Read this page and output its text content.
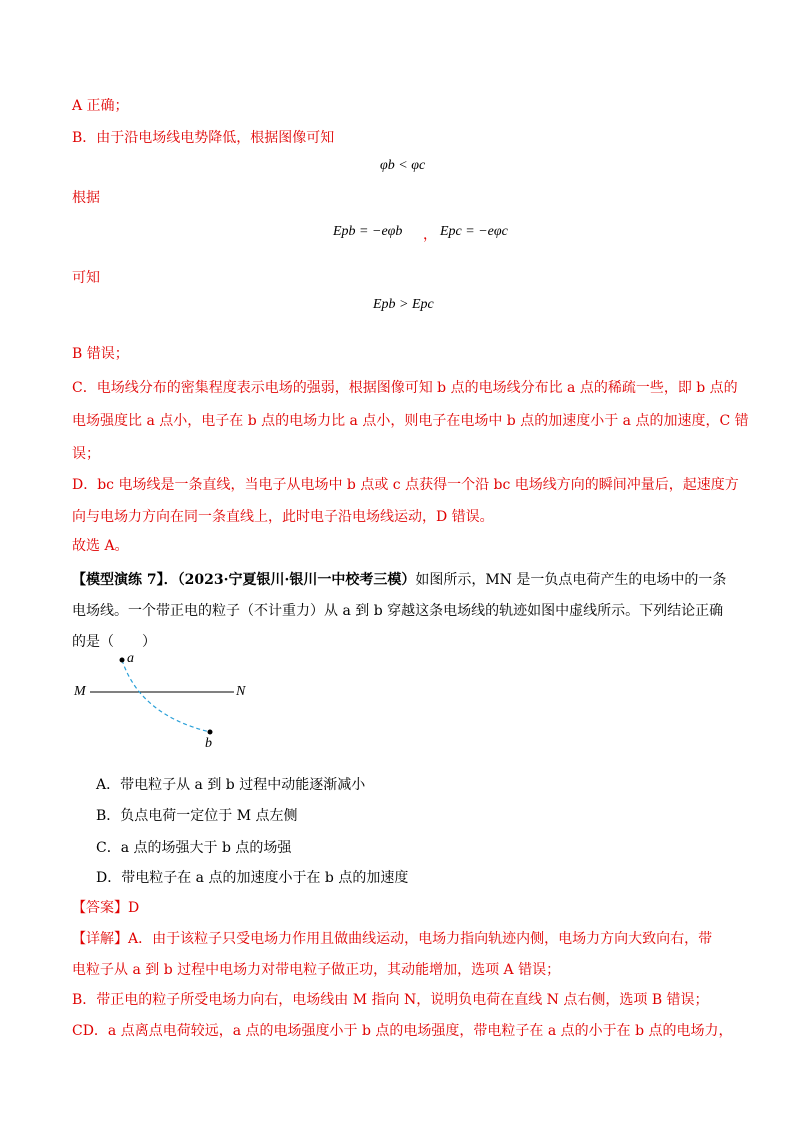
A 正确；
B．由于沿电场线电势降低，根据图像可知
φb < φc
根据
Epb = −eφb ， Epc = −eφc
可知
Epb > Epc
B 错误；
C．电场线分布的密集程度表示电场的强弱，根据图像可知 b 点的电场线分布比 a 点的稀疏一些，即 b 点的
电场强度比 a 点小，电子在 b 点的电场力比 a 点小，则电子在电场中 b 点的加速度小于 a 点的加速度，C 错
误；
D．bc 电场线是一条直线，当电子从电场中 b 点或 c 点获得一个沿 bc 电场线方向的瞬间冲量后，起速度方
向与电场力方向在同一条直线上，此时电子沿电场线运动，D 错误。
故选 A。
【模型演练 7】．（2023·宁夏银川·银川一中校考三模）如图所示，MN 是一负点电荷产生的电场中的一条
电场线。一个带正电的粒子（不计重力）从 a 到 b 穿越这条电场线的轨迹如图中虚线所示。下列结论正确
的是（　　）
a
b
M	N
A．带电粒子从 a 到 b 过程中动能逐渐减小
B．负点电荷一定位于 M 点左侧
C．a 点的场强大于 b 点的场强
D．带电粒子在 a 点的加速度小于在 b 点的加速度
【答案】D
【详解】A．由于该粒子只受电场力作用且做曲线运动，电场力指向轨迹内侧，电场力方向大致向右，带
电粒子从 a 到 b 过程中电场力对带电粒子做正功，其动能增加，选项 A 错误；
B．带正电的粒子所受电场力向右，电场线由 M 指向 N，说明负电荷在直线 N 点右侧，选项 B 错误；
CD．a 点离点电荷较远，a 点的电场强度小于 b 点的电场强度，带电粒子在 a 点的小于在 b 点的电场力，
